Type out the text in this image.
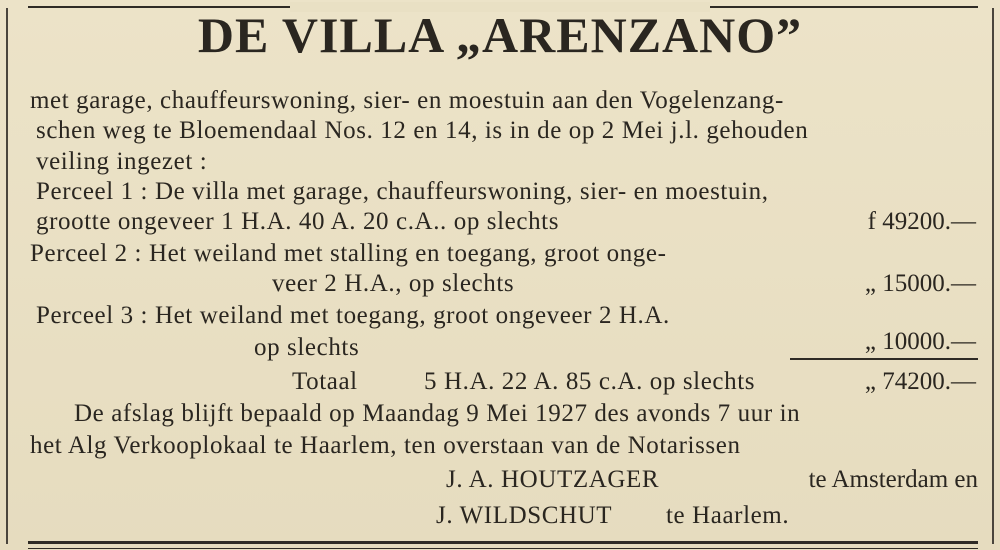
DE VILLA „ARENZANO”
met garage, chauffeurswoning, sier- en moestuin aan den Vogelenzang-
schen weg te Bloemendaal Nos. 12 en 14, is in de op 2 Mei j.l. gehouden
veiling ingezet :
Perceel 1 : De villa met garage, chauffeurswoning, sier- en moestuin,
grootte ongeveer 1 H.A. 40 A. 20 c.A.. op slechts	f 49200.—
Perceel 2 : Het weiland met stalling en toegang, groot onge-
veer 2 H.A., op slechts	„ 15000.—
Perceel 3 : Het weiland met toegang, groot ongeveer 2 H.A.
op slechts	„ 10000.—
Totaal	5 H.A. 22 A. 85 c.A. op slechts	„ 74200.—
De afslag blijft bepaald op Maandag 9 Mei 1927 des avonds 7 uur in
het Alg Verkooplokaal te Haarlem, ten overstaan van de Notarissen
J. A. HOUTZAGER	te Amsterdam en
J. WILDSCHUT te Haarlem.
